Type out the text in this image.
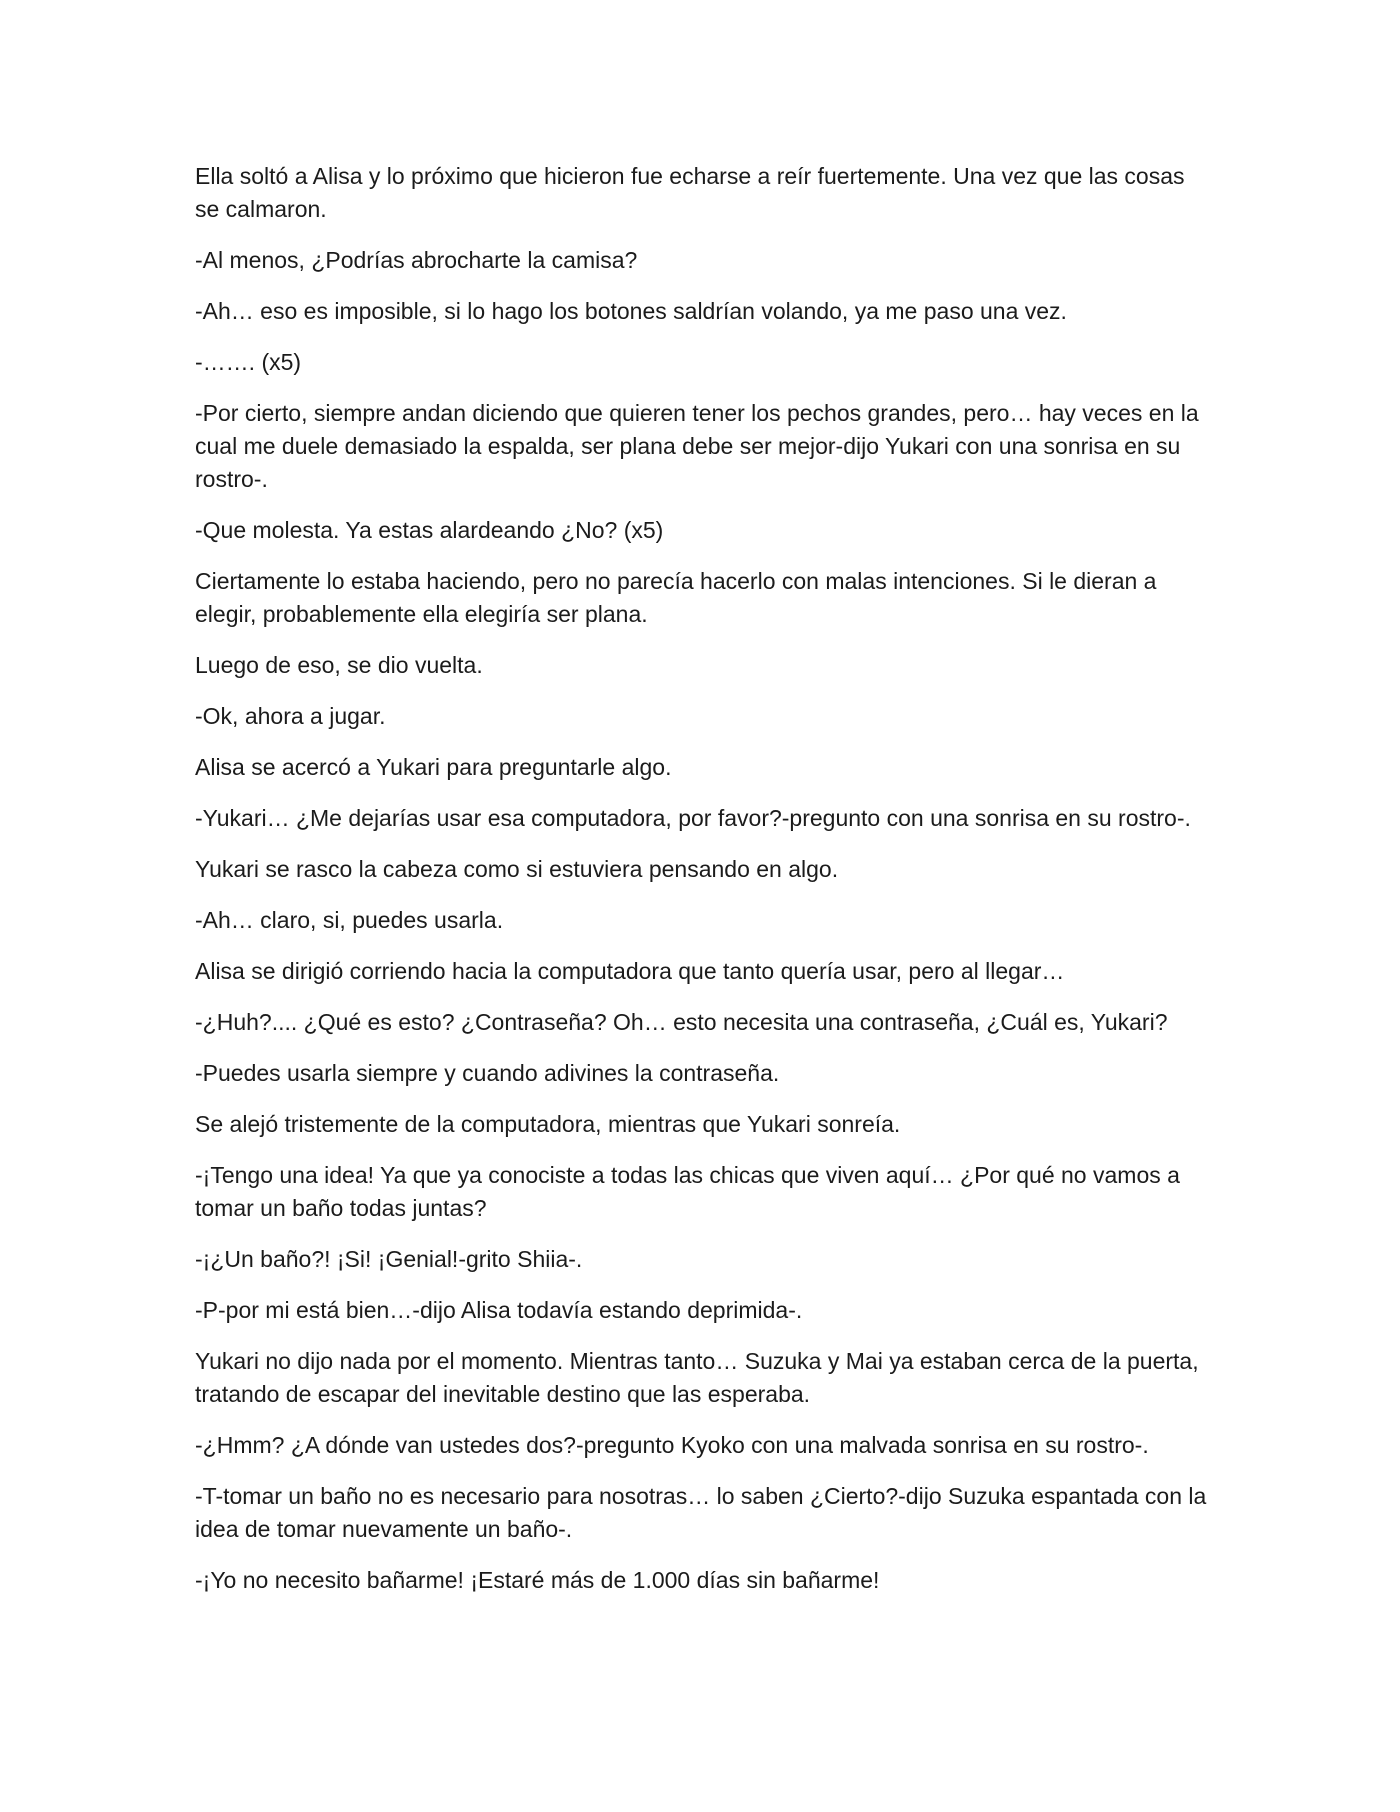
Ella soltó a Alisa y lo próximo que hicieron fue echarse a reír fuertemente. Una vez que las cosas se calmaron.

-Al menos, ¿Podrías abrocharte la camisa?

-Ah… eso es imposible, si lo hago los botones saldrían volando, ya me paso una vez.

-……. (x5)

-Por cierto, siempre andan diciendo que quieren tener los pechos grandes, pero… hay veces en la cual me duele demasiado la espalda, ser plana debe ser mejor-dijo Yukari con una sonrisa en su rostro-.

-Que molesta. Ya estas alardeando ¿No? (x5)

Ciertamente lo estaba haciendo, pero no parecía hacerlo con malas intenciones. Si le dieran a elegir, probablemente ella elegiría ser plana.

Luego de eso, se dio vuelta.

-Ok, ahora a jugar.

Alisa se acercó a Yukari para preguntarle algo.

-Yukari… ¿Me dejarías usar esa computadora, por favor?-pregunto con una sonrisa en su rostro-.

Yukari se rasco la cabeza como si estuviera pensando en algo.

-Ah… claro, si, puedes usarla.

Alisa se dirigió corriendo hacia la computadora que tanto quería usar, pero al llegar…

-¿Huh?.... ¿Qué es esto? ¿Contraseña? Oh… esto necesita una contraseña, ¿Cuál es, Yukari?

-Puedes usarla siempre y cuando adivines la contraseña.

Se alejó tristemente de la computadora, mientras que Yukari sonreía.

-¡Tengo una idea! Ya que ya conociste a todas las chicas que viven aquí… ¿Por qué no vamos a tomar un baño todas juntas?

-¡¿Un baño?! ¡Si! ¡Genial!-grito Shiia-.

-P-por mi está bien…-dijo Alisa todavía estando deprimida-.

Yukari no dijo nada por el momento. Mientras tanto… Suzuka y Mai ya estaban cerca de la puerta, tratando de escapar del inevitable destino que las esperaba.

-¿Hmm? ¿A dónde van ustedes dos?-pregunto Kyoko con una malvada sonrisa en su rostro-.

-T-tomar un baño no es necesario para nosotras… lo saben ¿Cierto?-dijo Suzuka espantada con la idea de tomar nuevamente un baño-.

-¡Yo no necesito bañarme! ¡Estaré más de 1.000 días sin bañarme!
